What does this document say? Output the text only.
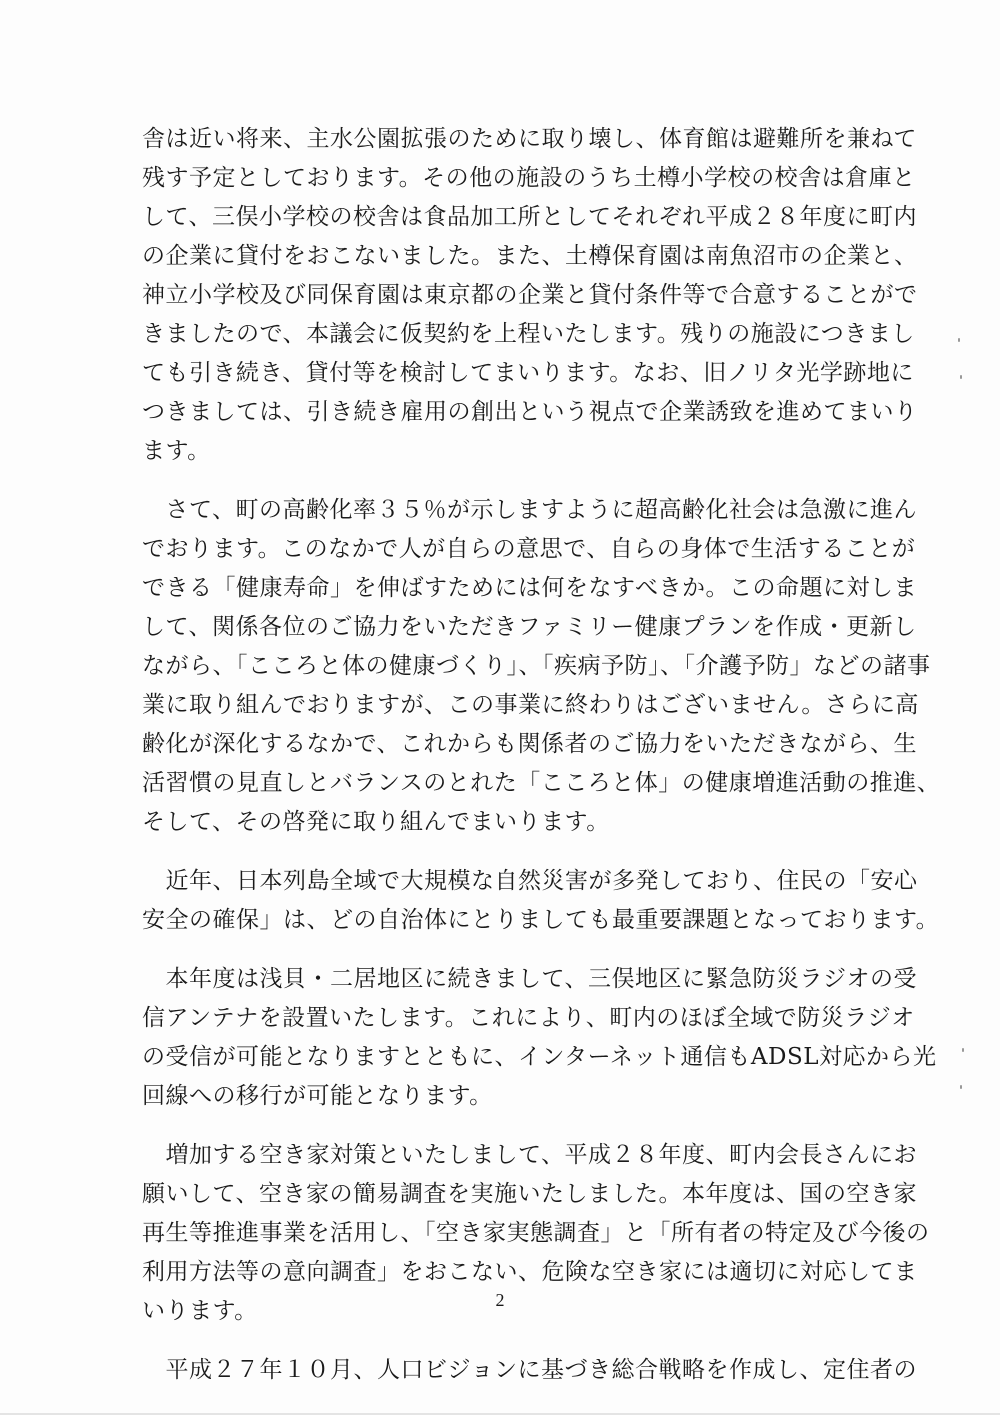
舎は近い将来、主水公園拡張のために取り壊し、体育館は避難所を兼ねて
残す予定としております。その他の施設のうち土樽小学校の校舎は倉庫と
して、三俣小学校の校舎は食品加工所としてそれぞれ平成２８年度に町内
の企業に貸付をおこないました。また、土樽保育園は南魚沼市の企業と、
神立小学校及び同保育園は東京都の企業と貸付条件等で合意することがで
きましたので、本議会に仮契約を上程いたします。残りの施設につきまし
ても引き続き、貸付等を検討してまいります。なお、旧ノリタ光学跡地に
つきましては、引き続き雇用の創出という視点で企業誘致を進めてまいり
ます。

　さて、町の高齢化率３５％が示しますように超高齢化社会は急激に進ん
でおります。このなかで人が自らの意思で、自らの身体で生活することが
できる「健康寿命」を伸ばすためには何をなすべきか。この命題に対しま
して、関係各位のご協力をいただきファミリー健康プランを作成・更新し
ながら、「こころと体の健康づくり」、「疾病予防」、「介護予防」などの諸事
業に取り組んでおりますが、この事業に終わりはございません。さらに高
齢化が深化するなかで、これからも関係者のご協力をいただきながら、生
活習慣の見直しとバランスのとれた「こころと体」の健康増進活動の推進、
そして、その啓発に取り組んでまいります。

　近年、日本列島全域で大規模な自然災害が多発しており、住民の「安心
安全の確保」は、どの自治体にとりましても最重要課題となっております。

　本年度は浅貝・二居地区に続きまして、三俣地区に緊急防災ラジオの受
信アンテナを設置いたします。これにより、町内のほぼ全域で防災ラジオ
の受信が可能となりますとともに、インターネット通信もADSL対応から光
回線への移行が可能となります。

　増加する空き家対策といたしまして、平成２８年度、町内会長さんにお
願いして、空き家の簡易調査を実施いたしました。本年度は、国の空き家
再生等推進事業を活用し、「空き家実態調査」と「所有者の特定及び今後の
利用方法等の意向調査」をおこない、危険な空き家には適切に対応してま
いります。

　平成２７年１０月、人口ビジョンに基づき総合戦略を作成し、定住者の

2
